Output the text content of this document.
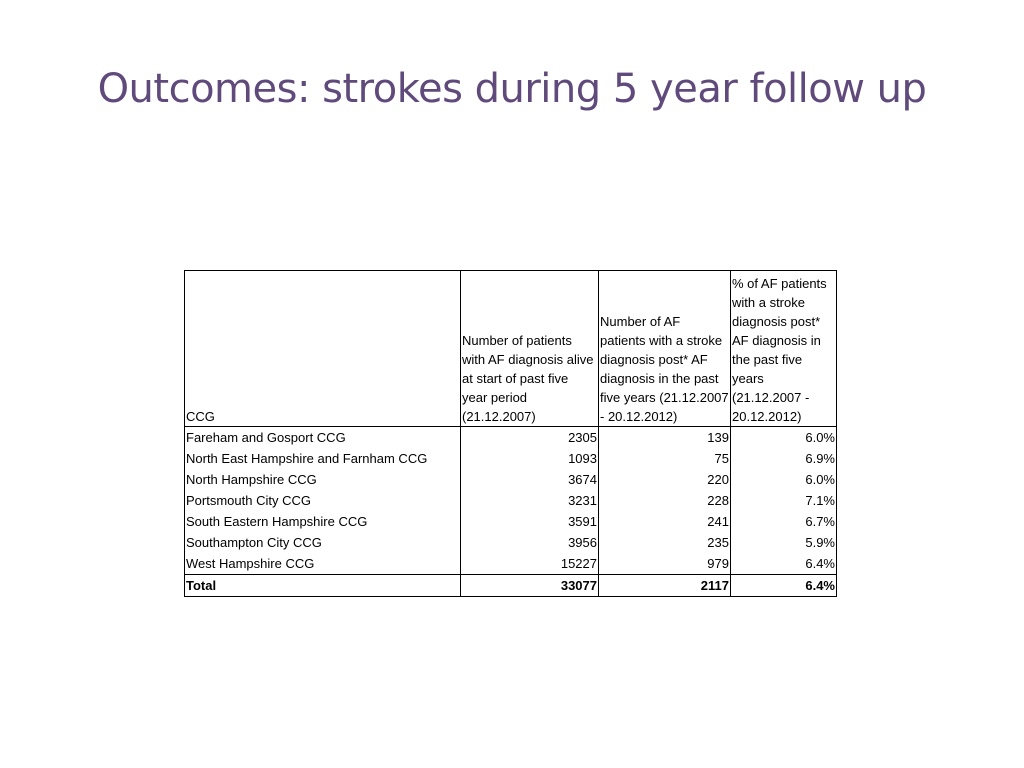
Outcomes: strokes during 5 year follow up
CCG	Number of patients with AF diagnosis alive at start of past five year period (21.12.2007)	Number of AF patients with a stroke diagnosis post* AF diagnosis in the past five years (21.12.2007 - 20.12.2012)	% of AF patients with a stroke diagnosis post* AF diagnosis in the past five years (21.12.2007 - 20.12.2012)
Fareham and Gosport CCG	2305	139	6.0%
North East Hampshire and Farnham CCG	1093	75	6.9%
North Hampshire CCG	3674	220	6.0%
Portsmouth City CCG	3231	228	7.1%
South Eastern Hampshire CCG	3591	241	6.7%
Southampton City CCG	3956	235	5.9%
West Hampshire CCG	15227	979	6.4%
Total	33077	2117	6.4%
